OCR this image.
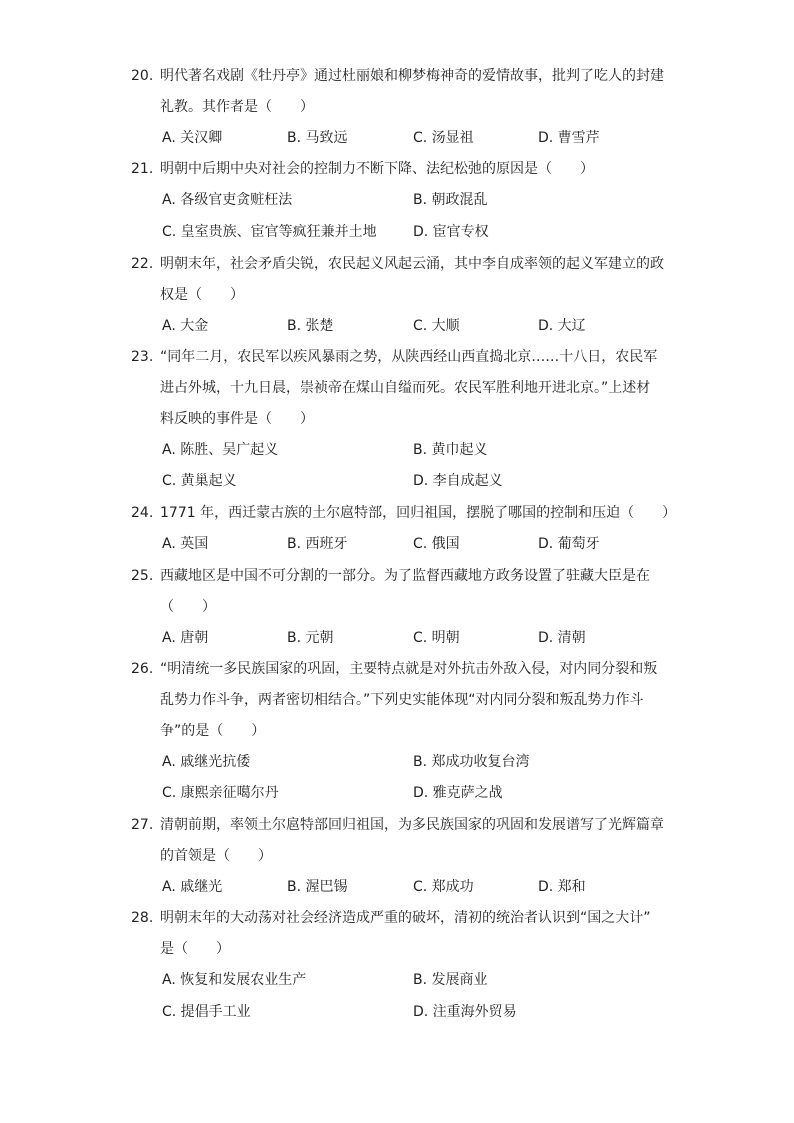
20. 明代著名戏剧《牡丹亭》通过杜丽娘和柳梦梅神奇的爱情故事，批判了吃人的封建
礼教。其作者是（　　）
A. 关汉卿	B. 马致远	C. 汤显祖	D. 曹雪芹
21. 明朝中后期中央对社会的控制力不断下降、法纪松弛的原因是（　　）
A. 各级官吏贪赃枉法	B. 朝政混乱
C. 皇室贵族、宦官等疯狂兼并土地	D. 宦官专权
22. 明朝末年，社会矛盾尖锐，农民起义风起云涌，其中李自成率领的起义军建立的政
权是（　　）
A. 大金	B. 张楚	C. 大顺	D. 大辽
23. “同年二月，农民军以疾风暴雨之势，从陕西经山西直捣北京……十八日，农民军
进占外城，十九日晨，崇祯帝在煤山自缢而死。农民军胜利地开进北京。”上述材
料反映的事件是（　　）
A. 陈胜、吴广起义	B. 黄巾起义
C. 黄巢起义	D. 李自成起义
24. 1771 年，西迁蒙古族的土尔扈特部，回归祖国，摆脱了哪国的控制和压迫（　　）
A. 英国	B. 西班牙	C. 俄国	D. 葡萄牙
25. 西藏地区是中国不可分割的一部分。为了监督西藏地方政务设置了驻藏大臣是在
（　　）
A. 唐朝	B. 元朝	C. 明朝	D. 清朝
26. “明清统一多民族国家的巩固，主要特点就是对外抗击外敌入侵，对内同分裂和叛
乱势力作斗争，两者密切相结合。”下列史实能体现“对内同分裂和叛乱势力作斗
争”的是（　　）
A. 戚继光抗倭	B. 郑成功收复台湾
C. 康熙亲征噶尔丹	D. 雅克萨之战
27. 清朝前期，率领土尔扈特部回归祖国，为多民族国家的巩固和发展谱写了光辉篇章
的首领是（　　）
A. 戚继光	B. 渥巴锡	C. 郑成功	D. 郑和
28. 明朝末年的大动荡对社会经济造成严重的破坏，清初的统治者认识到“国之大计”
是（　　）
A. 恢复和发展农业生产	B. 发展商业
C. 提倡手工业	D. 注重海外贸易
